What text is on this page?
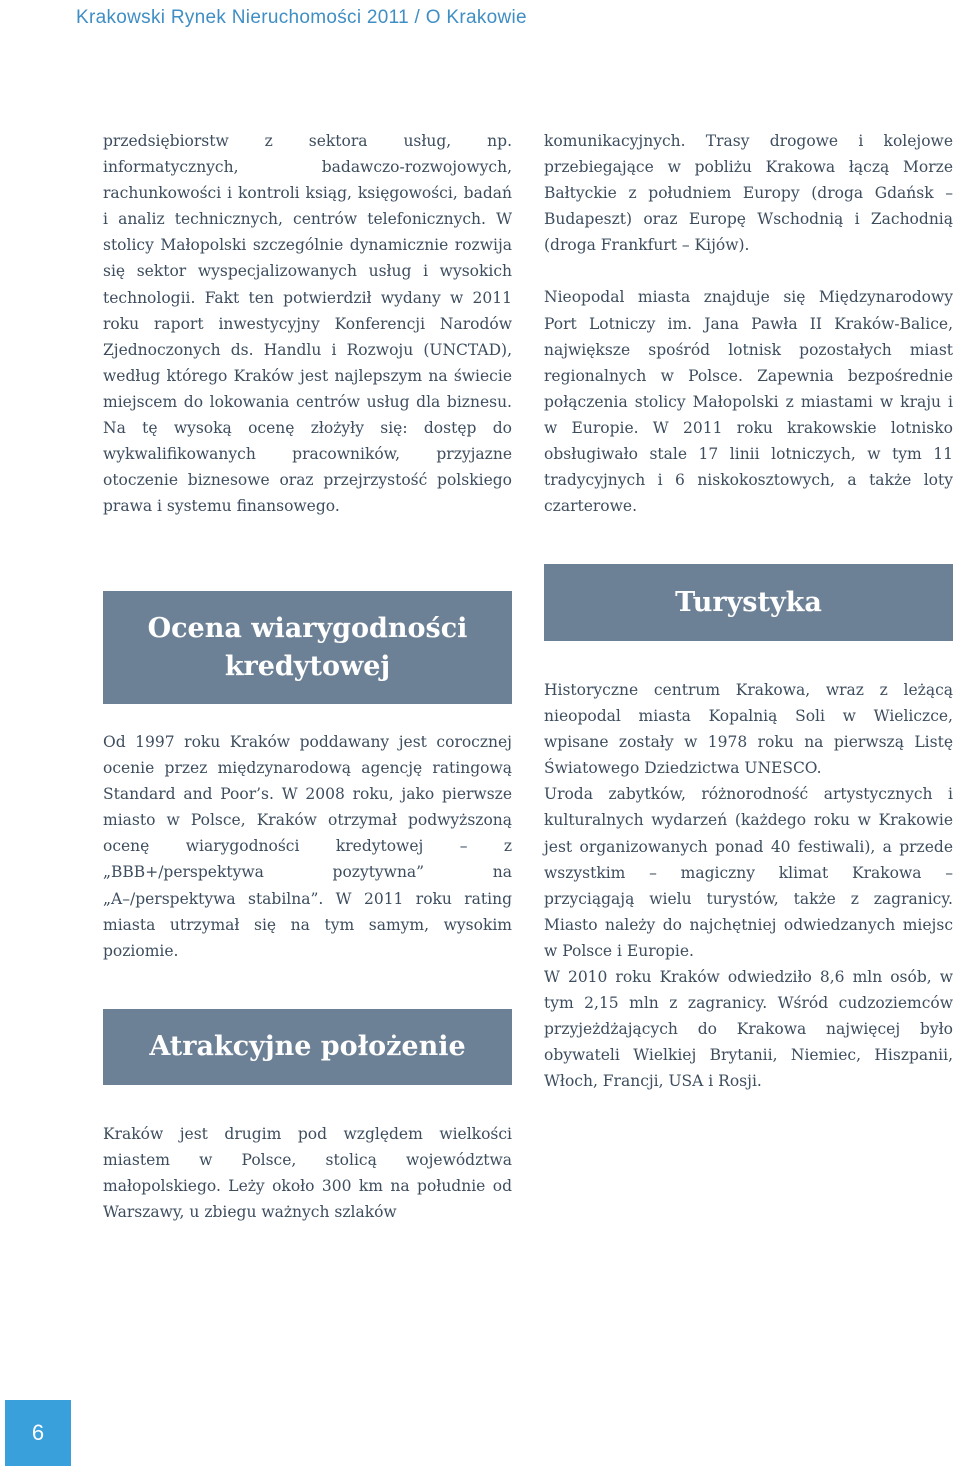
Krakowski Rynek Nieruchomości 2011 / O Krakowie

przedsiębiorstw z sektora usług, np. informatycznych, badawczo-rozwojowych, rachunkowości i kontroli ksiąg, księgowości, badań i analiz technicznych, centrów telefonicznych. W stolicy Małopolski szczególnie dynamicznie rozwija się sektor wyspecjalizowanych usług i wysokich technologii. Fakt ten potwierdził wydany w 2011 roku raport inwestycyjny Konferencji Narodów Zjednoczonych ds. Handlu i Rozwoju (UNCTAD), według którego Kraków jest najlepszym na świecie miejscem do lokowania centrów usług dla biznesu. Na tę wysoką ocenę złożyły się: dostęp do wykwalifikowanych pracowników, przyjazne otoczenie biznesowe oraz przejrzystość polskiego prawa i systemu finansowego.

Ocena wiarygodności
kredytowej

Od 1997 roku Kraków poddawany jest corocznej ocenie przez międzynarodową agencję ratingową Standard and Poor’s. W 2008 roku, jako pierwsze miasto w Polsce, Kraków otrzymał podwyższoną ocenę wiarygodności kredytowej – z „BBB+/perspektywa pozytywna” na „A–/perspektywa stabilna”. W 2011 roku rating miasta utrzymał się na tym samym, wysokim poziomie.

Atrakcyjne położenie

Kraków jest drugim pod względem wielkości miastem w Polsce, stolicą województwa małopolskiego. Leży około 300 km na południe od Warszawy, u zbiegu ważnych szlaków

komunikacyjnych. Trasy drogowe i kolejowe przebiegające w pobliżu Krakowa łączą Morze Bałtyckie z południem Europy (droga Gdańsk – Budapeszt) oraz Europę Wschodnią i Zachodnią (droga Frankfurt – Kijów).

Nieopodal miasta znajduje się Międzynarodowy Port Lotniczy im. Jana Pawła II Kraków-Balice, największe spośród lotnisk pozostałych miast regionalnych w Polsce. Zapewnia bezpośrednie połączenia stolicy Małopolski z miastami w kraju i w Europie. W 2011 roku krakowskie lotnisko obsługiwało stale 17 linii lotniczych, w tym 11 tradycyjnych i 6 niskokosztowych, a także loty czarterowe.

Turystyka

Historyczne centrum Krakowa, wraz z leżącą nieopodal miasta Kopalnią Soli w Wieliczce, wpisane zostały w 1978 roku na pierwszą Listę Światowego Dziedzictwa UNESCO.

Uroda zabytków, różnorodność artystycznych i kulturalnych wydarzeń (każdego roku w Krakowie jest organizowanych ponad 40 festiwali), a przede wszystkim – magiczny klimat Krakowa – przyciągają wielu turystów, także z zagranicy. Miasto należy do najchętniej odwiedzanych miejsc w Polsce i Europie.

W 2010 roku Kraków odwiedziło 8,6 mln osób, w tym 2,15 mln z zagranicy. Wśród cudzoziemców przyjeżdżających do Krakowa najwięcej było obywateli Wielkiej Brytanii, Niemiec, Hiszpanii, Włoch, Francji, USA i Rosji.

6
